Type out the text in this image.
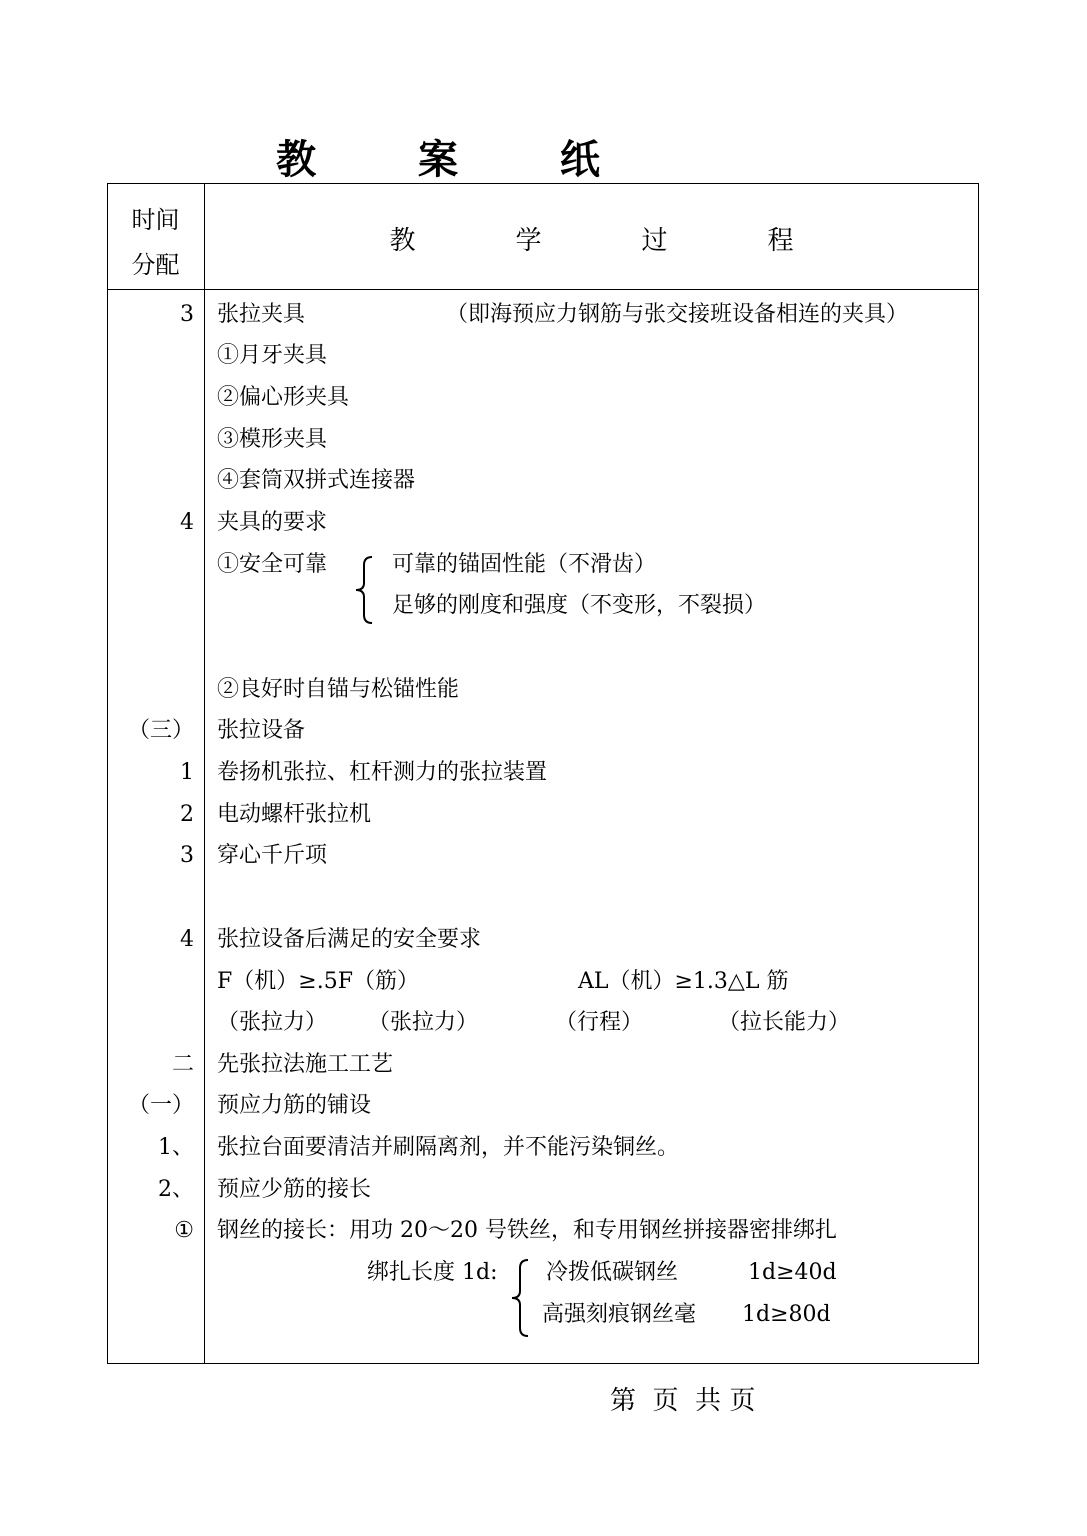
教 案 纸
时间
分配
教学过程
3 张拉夹具	（即海预应力钢筋与张交接班设备相连的夹具）
①月牙夹具
②偏心形夹具
③模形夹具
④套筒双拼式连接器
4 夹具的要求
①安全可靠	可靠的锚固性能（不滑齿）
足够的刚度和强度（不变形，不裂损）
②良好时自锚与松锚性能
（三） 张拉设备
1 卷扬机张拉、杠杆测力的张拉装置
2 电动螺杆张拉机
3 穿心千斤项
4 张拉设备后满足的安全要求
F（机）≥.5F（筋）	AL（机）≥1.3△L 筋
（张拉力） （张拉力）	（行程）	（拉长能力）
二 先张拉法施工工艺
（一） 预应力筋的铺设
1、 张拉台面要清洁并刷隔离剂，并不能污染铜丝。
2、 预应少筋的接长
① 钢丝的接长：用功 20～20 号铁丝，和专用钢丝拼接器密排绑扎
绑扎长度 1d: 冷拨低碳钢丝	1d≥40d
高强刻痕钢丝毫 1d≥80d
第  页  共 页
